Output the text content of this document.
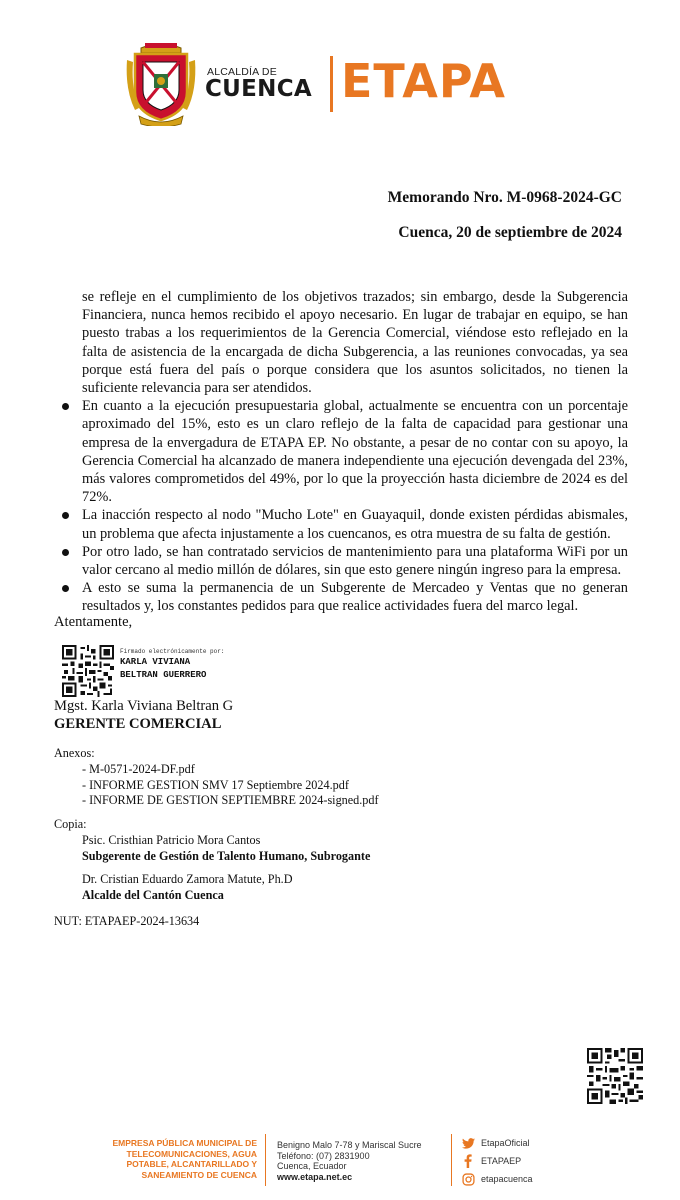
ALCALDÍA DE
CUENCA ETAPA
Memorando Nro. M-0968-2024-GC
Cuenca, 20 de septiembre de 2024

se refleje en el cumplimiento de los objetivos trazados; sin embargo, desde la Subgerencia Financiera, nunca hemos recibido el apoyo necesario. En lugar de trabajar en equipo, se han puesto trabas a los requerimientos de la Gerencia Comercial, viéndose esto reflejado en la falta de asistencia de la encargada de dicha Subgerencia, a las reuniones convocadas, ya sea porque está fuera del país o porque considera que los asuntos solicitados, no tienen la suficiente relevancia para ser atendidos.

En cuanto a la ejecución presupuestaria global, actualmente se encuentra con un porcentaje aproximado del 15%, esto es un claro reflejo de la falta de capacidad para gestionar una empresa de la envergadura de ETAPA EP. No obstante, a pesar de no contar con su apoyo, la Gerencia Comercial ha alcanzado de manera independiente una ejecución devengada del 23%, más valores comprometidos del 49%, por lo que la proyección hasta diciembre de 2024 es del 72%.
La inacción respecto al nodo "Mucho Lote" en Guayaquil, donde existen pérdidas abismales, un problema que afecta injustamente a los cuencanos, es otra muestra de su falta de gestión.
Por otro lado, se han contratado servicios de mantenimiento para una plataforma WiFi por un valor cercano al medio millón de dólares, sin que esto genere ningún ingreso para la empresa.
A esto se suma la permanencia de un Subgerente de Mercadeo y Ventas que no generan resultados y, los constantes pedidos para que realice actividades fuera del marco legal.
Atentamente,
Firmado electrónicamente por:
KARLA VIVIANA
BELTRAN GUERRERO
Mgst. Karla Viviana Beltran G
GERENTE COMERCIAL
Anexos:
- M-0571-2024-DF.pdf
- INFORME GESTION SMV 17 Septiembre 2024.pdf
- INFORME DE GESTION SEPTIEMBRE 2024-signed.pdf
Copia:
Psic. Cristhian Patricio Mora Cantos
Subgerente de Gestión de Talento Humano, Subrogante
Dr. Cristian Eduardo Zamora Matute, Ph.D
Alcalde del Cantón Cuenca
NUT: ETAPAEP-2024-13634
EMPRESA PÚBLICA MUNICIPAL DE
TELECOMUNICACIONES, AGUA
POTABLE, ALCANTARILLADO Y
SANEAMIENTO DE CUENCA
Benigno Malo 7-78 y Mariscal Sucre
Teléfono: (07) 2831900
Cuenca, Ecuador
www.etapa.net.ec
EtapaOficial
ETAPAEP
etapacuenca
